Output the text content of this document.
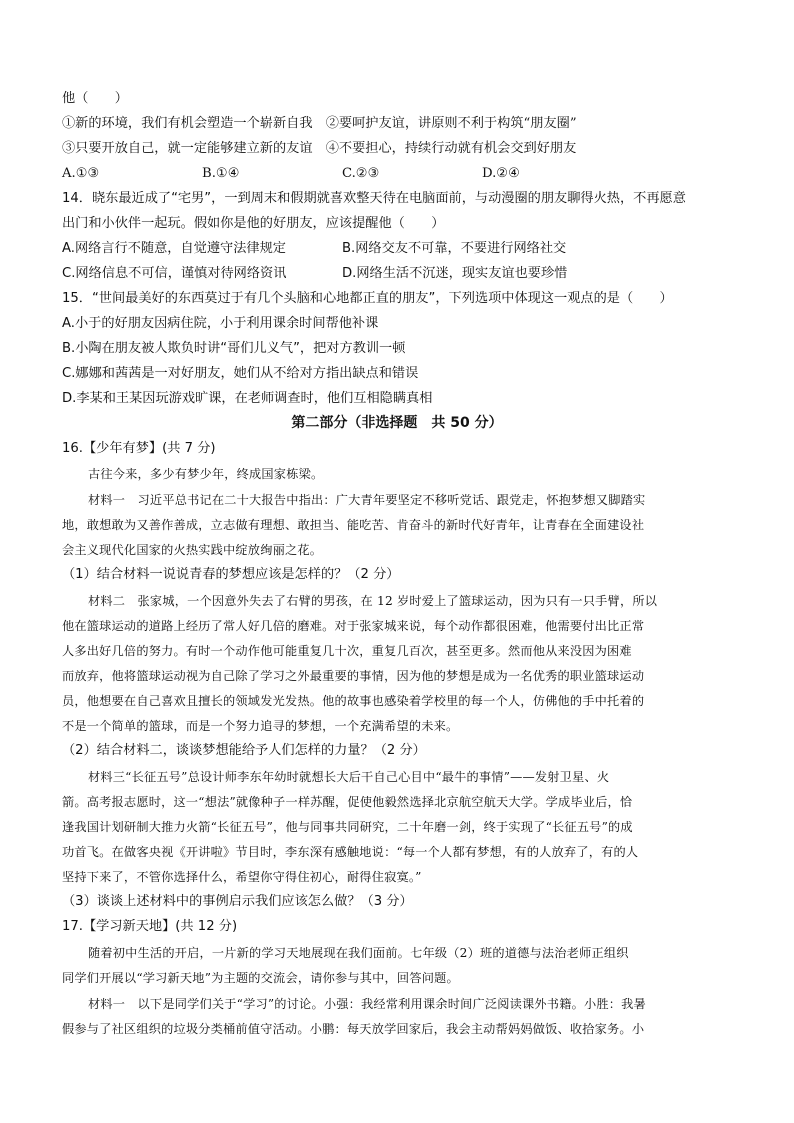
他（　　）
①新的环境，我们有机会塑造一个崭新自我　②要呵护友谊，讲原则不利于构筑“朋友圈”
③只要开放自己，就一定能够建立新的友谊　④不要担心，持续行动就有机会交到好朋友
A.①③	B.①④	C.②③	D.②④
14．晓东最近成了“宅男”，一到周末和假期就喜欢整天待在电脑面前，与动漫圈的朋友聊得火热，不再愿意
出门和小伙伴一起玩。假如你是他的好朋友，应该提醒他（　　）
A.网络言行不随意，自觉遵守法律规定	B.网络交友不可靠，不要进行网络社交
C.网络信息不可信，谨慎对待网络资讯	D.网络生活不沉迷，现实友谊也要珍惜
15．“世间最美好的东西莫过于有几个头脑和心地都正直的朋友”，下列选项中体现这一观点的是（　　）
A.小于的好朋友因病住院，小于利用课余时间帮他补课
B.小陶在朋友被人欺负时讲“哥们儿义气”，把对方教训一顿
C.娜娜和茜茜是一对好朋友，她们从不给对方指出缺点和错误
D.李某和王某因玩游戏旷课，在老师调查时，他们互相隐瞒真相
第二部分（非选择题　共 50 分）
16.【少年有梦】(共 7 分)
古往今来，多少有梦少年，终成国家栋梁。
材料一　习近平总书记在二十大报告中指出：广大青年要坚定不移听党话、跟党走，怀抱梦想又脚踏实
地，敢想敢为又善作善成，立志做有理想、敢担当、能吃苦、肯奋斗的新时代好青年，让青春在全面建设社
会主义现代化国家的火热实践中绽放绚丽之花。
（1）结合材料一说说青春的梦想应该是怎样的？（2 分）
材料二　张家城，一个因意外失去了右臂的男孩，在 12 岁时爱上了篮球运动，因为只有一只手臂，所以
他在篮球运动的道路上经历了常人好几倍的磨难。对于张家城来说，每个动作都很困难，他需要付出比正常
人多出好几倍的努力。有时一个动作他可能重复几十次，重复几百次，甚至更多。然而他从来没因为困难
而放弃，他将篮球运动视为自己除了学习之外最重要的事情，因为他的梦想是成为一名优秀的职业篮球运动
员，他想要在自己喜欢且擅长的领域发光发热。他的故事也感染着学校里的每一个人，仿佛他的手中托着的
不是一个简单的篮球，而是一个努力追寻的梦想，一个充满希望的未来。
（2）结合材料二，谈谈梦想能给予人们怎样的力量？（2 分）
材料三“长征五号”总设计师李东年幼时就想长大后干自己心目中“最牛的事情”——发射卫星、火
箭。高考报志愿时，这一“想法”就像种子一样苏醒，促使他毅然选择北京航空航天大学。学成毕业后，恰
逢我国计划研制大推力火箭“长征五号”，他与同事共同研究，二十年磨一剑，终于实现了“长征五号”的成
功首飞。在做客央视《开讲啦》节目时，李东深有感触地说：“每一个人都有梦想，有的人放弃了，有的人
坚持下来了，不管你选择什么，希望你守得住初心，耐得住寂寞。”
（3）谈谈上述材料中的事例启示我们应该怎么做？（3 分）
17.【学习新天地】(共 12 分)
随着初中生活的开启，一片新的学习天地展现在我们面前。七年级（2）班的道德与法治老师正组织
同学们开展以“学习新天地”为主题的交流会，请你参与其中，回答问题。
材料一　以下是同学们关于“学习”的讨论。小强：我经常利用课余时间广泛阅读课外书籍。小胜：我暑
假参与了社区组织的垃圾分类桶前值守活动。小鹏：每天放学回家后，我会主动帮妈妈做饭、收拾家务。小
